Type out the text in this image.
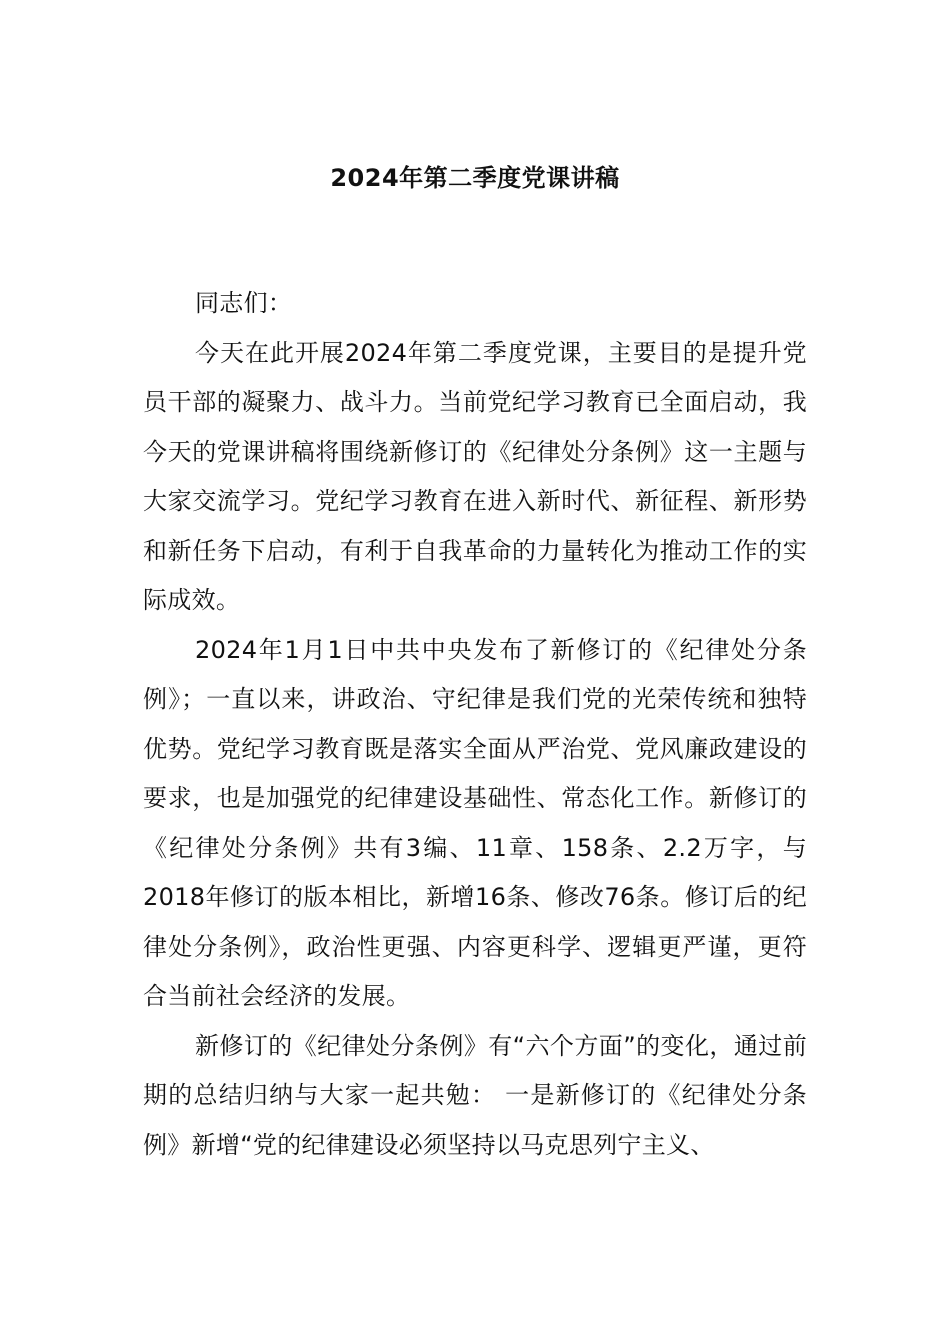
2024年第二季度党课讲稿

同志们：

今天在此开展2024年第二季度党课，主要目的是提升党员干部的凝聚力、战斗力。当前党纪学习教育已全面启动，我今天的党课讲稿将围绕新修订的《纪律处分条例》这一主题与大家交流学习。党纪学习教育在进入新时代、新征程、新形势和新任务下启动，有利于自我革命的力量转化为推动工作的实际成效。

2024年1月1日中共中央发布了新修订的《纪律处分条例》；一直以来，讲政治、守纪律是我们党的光荣传统和独特优势。党纪学习教育既是落实全面从严治党、党风廉政建设的要求，也是加强党的纪律建设基础性、常态化工作。新修订的《纪律处分条例》共有3编、11章、158条、2.2万字，与2018年修订的版本相比，新增16条、修改76条。修订后的纪律处分条例》，政治性更强、内容更科学、逻辑更严谨，更符合当前社会经济的发展。

新修订的《纪律处分条例》有“六个方面”的变化，通过前期的总结归纳与大家一起共勉： 一是新修订的《纪律处分条例》新增“党的纪律建设必须坚持以马克思列宁主义、
